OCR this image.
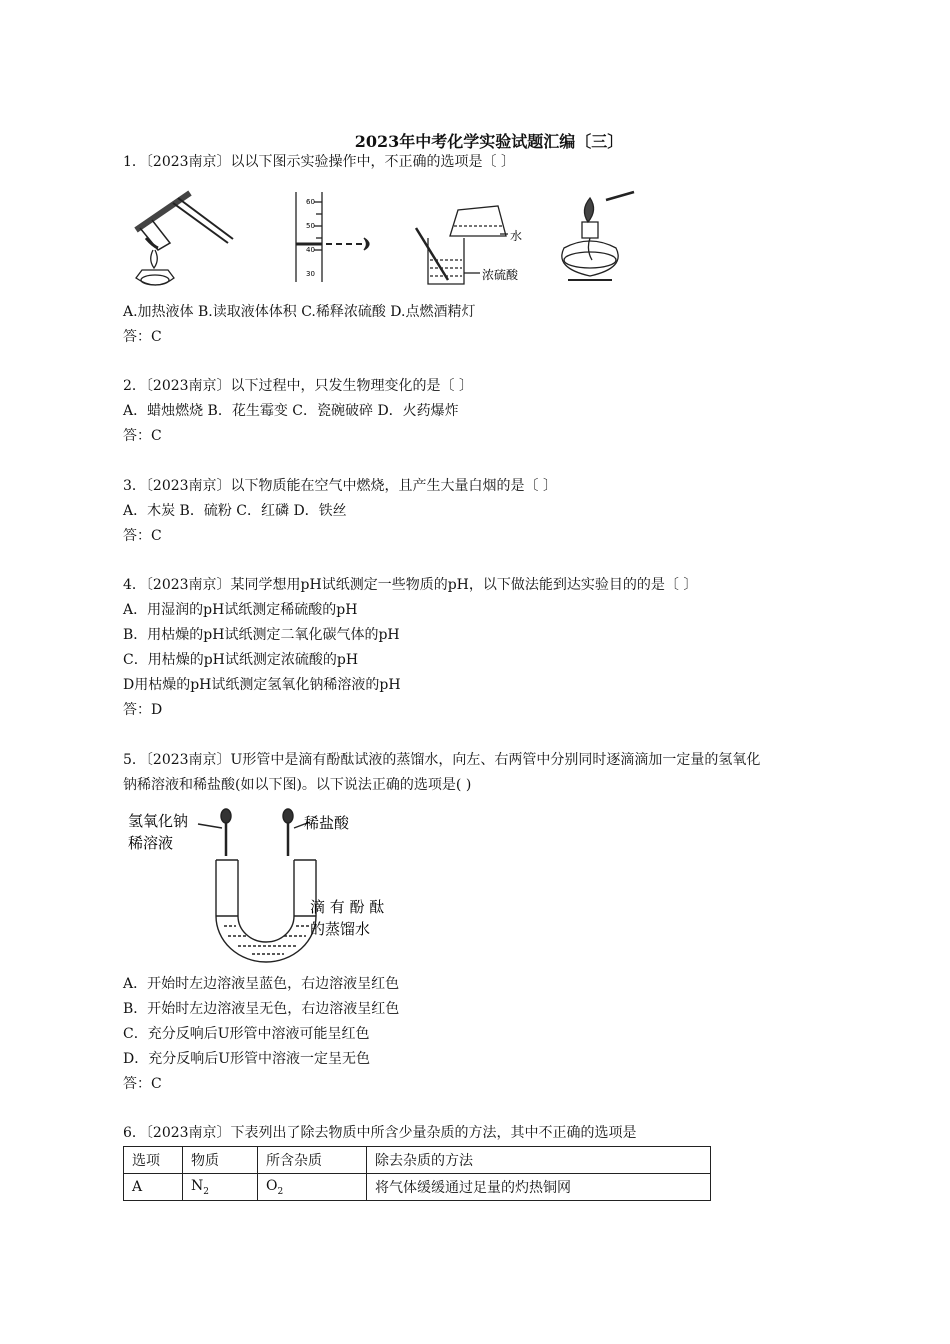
2023年中考化学实验试题汇编〔三〕
1．〔2023南京〕以以下图示实验操作中，不正确的选项是〔 〕
60
50
40
30
水
浓硫酸
A.加热液体 B.读取液体体积 C.稀释浓硫酸 D.点燃酒精灯
答：C
2．〔2023南京〕以下过程中，只发生物理变化的是〔 〕
A．蜡烛燃烧 B．花生霉变 C．瓷碗破碎 D．火药爆炸
答：C
3．〔2023南京〕以下物质能在空气中燃烧，且产生大量白烟的是〔 〕
A．木炭 B．硫粉 C．红磷 D．铁丝
答：C
4．〔2023南京〕某同学想用pH试纸测定一些物质的pH，以下做法能到达实验目的的是〔 〕
A．用湿润的pH试纸测定稀硫酸的pH
B．用枯燥的pH试纸测定二氧化碳气体的pH
C．用枯燥的pH试纸测定浓硫酸的pH
D用枯燥的pH试纸测定氢氧化钠稀溶液的pH
答：D
5．〔2023南京〕U形管中是滴有酚酞试液的蒸馏水，向左、右两管中分别同时逐滴滴加一定量的氢氧化
钠稀溶液和稀盐酸(如以下图)。以下说法正确的选项是( )
氢氧化钠
稀溶液
稀盐酸
滴 有 酚 酞
的蒸馏水
A．开始时左边溶液呈蓝色，右边溶液呈红色
B．开始时左边溶液呈无色，右边溶液呈红色
C．充分反响后U形管中溶液可能呈红色
D．充分反响后U形管中溶液一定呈无色
答：C
6．〔2023南京〕下表列出了除去物质中所含少量杂质的方法，其中不正确的选项是
选项	物质	所含杂质	除去杂质的方法
A	$N_2$	$O_2$	将气体缓缓通过足量的灼热铜网
